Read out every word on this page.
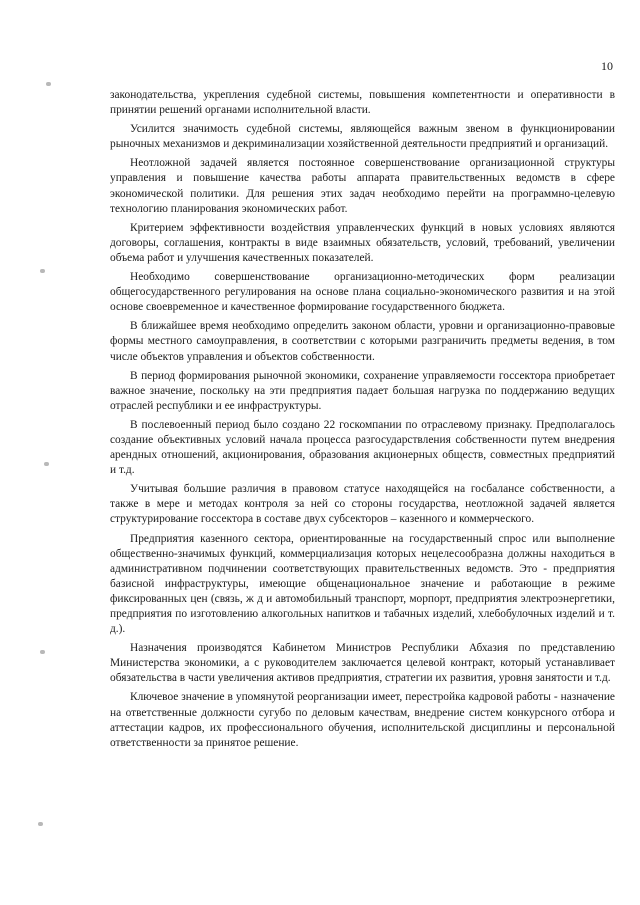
10

законодательства, укрепления судебной системы, повышения компетентности и оперативности в принятии решений органами исполнительной власти.

Усилится значимость судебной системы, являющейся важным звеном в функционировании рыночных механизмов и декриминализации хозяйственной деятельности предприятий и организаций.

Неотложной задачей является постоянное совершенствование организационной структуры управления и повышение качества работы аппарата правительственных ведомств в сфере экономической политики. Для решения этих задач необходимо перейти на программно-целевую технологию планирования экономических работ.

Критерием эффективности воздействия управленческих функций в новых условиях являются договоры, соглашения, контракты в виде взаимных обязательств, условий, требований, увеличении объема работ и улучшения качественных показателей.

Необходимо совершенствование организационно-методических форм реализации общегосударственного регулирования на основе плана социально-экономического развития и на этой основе своевременное и качественное формирование государственного бюджета.

В ближайшее время необходимо определить законом области, уровни и организационно-правовые формы местного самоуправления, в соответствии с которыми разграничить предметы ведения, в том числе объектов управления и объектов собственности.

В период формирования рыночной экономики, сохранение управляемости госсектора приобретает важное значение, поскольку на эти предприятия падает большая нагрузка по поддержанию ведущих отраслей республики и ее инфраструктуры.

В послевоенный период было создано 22 госкомпании по отраслевому признаку. Предполагалось создание объективных условий начала процесса разгосударствления собственности путем внедрения арендных отношений, акционирования, образования акционерных обществ, совместных предприятий и т.д.

Учитывая большие различия в правовом статусе находящейся на госбалансе собственности, а также в мере и методах контроля за ней со стороны государства, неотложной задачей является структурирование госсектора в составе двух субсекторов – казенного и коммерческого.

Предприятия казенного сектора, ориентированные на государственный спрос или выполнение общественно-значимых функций, коммерциализация которых нецелесообразна должны находиться в административном подчинении соответствующих правительственных ведомств. Это - предприятия базисной инфраструктуры, имеющие общенациональное значение и работающие в режиме фиксированных цен (связь, ж д и автомобильный транспорт, морпорт, предприятия электроэнергетики, предприятия по изготовлению алкогольных напитков и табачных изделий, хлебобулочных изделий и т. д.).

Назначения производятся Кабинетом Министров Республики Абхазия по представлению Министерства экономики, а с руководителем заключается целевой контракт, который устанавливает обязательства в части увеличения активов предприятия, стратегии их развития, уровня занятости и т.д.

Ключевое значение в упомянутой реорганизации имеет, перестройка кадровой работы - назначение на ответственные должности сугубо по деловым качествам, внедрение систем конкурсного отбора и аттестации кадров, их профессионального обучения, исполнительской дисциплины и персональной ответственности за принятое решение.
